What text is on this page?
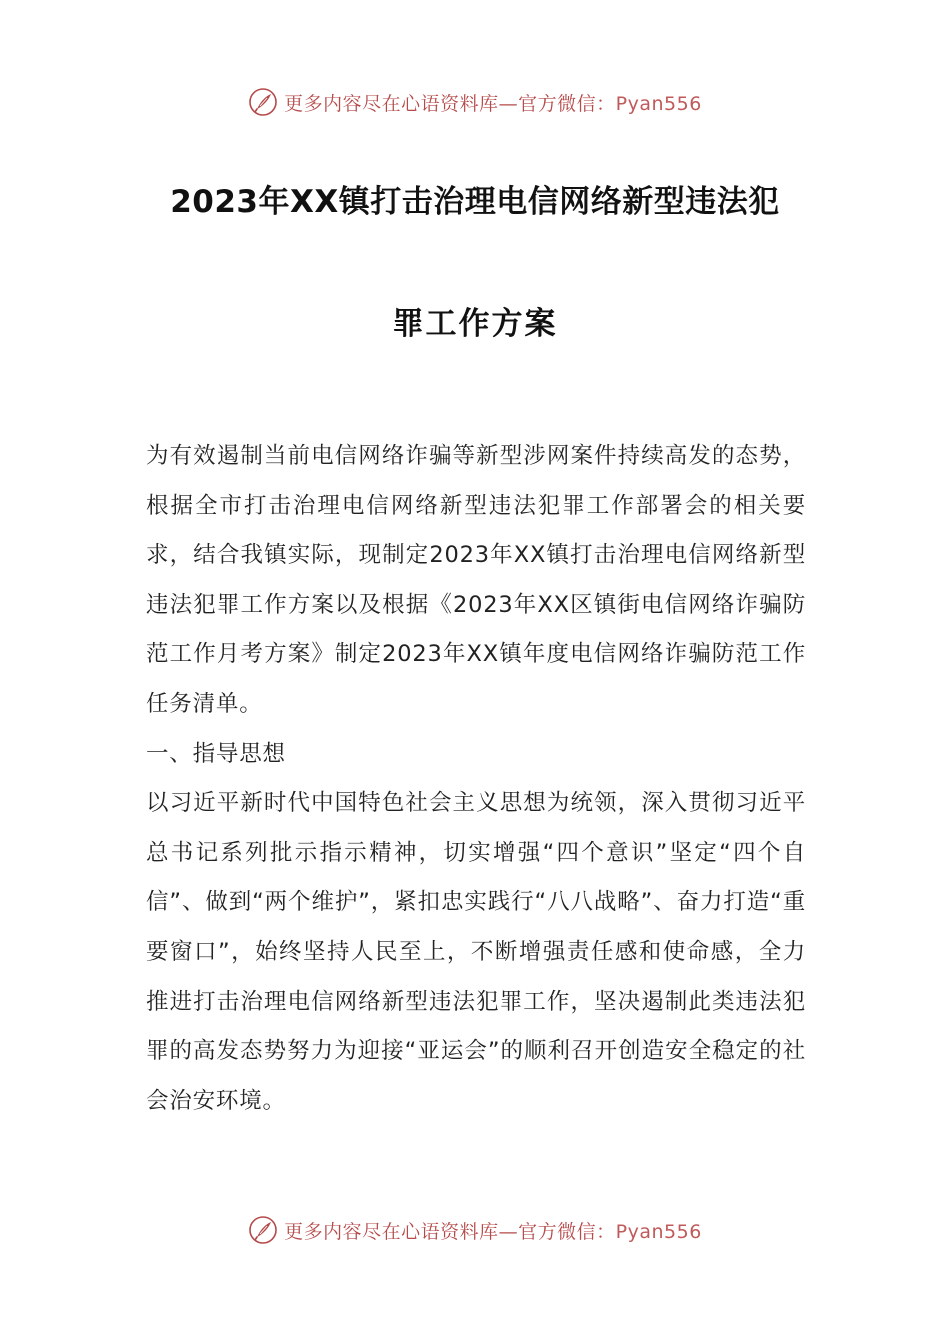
更多内容尽在心语资料库—官方微信：Pyan556
2023年XX镇打击治理电信网络新型违法犯
罪工作方案

为有效遏制当前电信网络诈骗等新型涉网案件持续高发的态势，根据全市打击治理电信网络新型违法犯罪工作部署会的相关要求，结合我镇实际，现制定2023年XX镇打击治理电信网络新型违法犯罪工作方案以及根据《2023年XX区镇街电信网络诈骗防范工作月考方案》制定2023年XX镇年度电信网络诈骗防范工作任务清单。

一、指导思想

以习近平新时代中国特色社会主义思想为统领，深入贯彻习近平总书记系列批示指示精神，切实增强“四个意识”坚定“四个自信”、做到“两个维护”，紧扣忠实践行“八八战略”、奋力打造“重要窗口”，始终坚持人民至上，不断增强责任感和使命感，全力推进打击治理电信网络新型违法犯罪工作，坚决遏制此类违法犯罪的高发态势努力为迎接“亚运会”的顺利召开创造安全稳定的社会治安环境。

更多内容尽在心语资料库—官方微信：Pyan556
